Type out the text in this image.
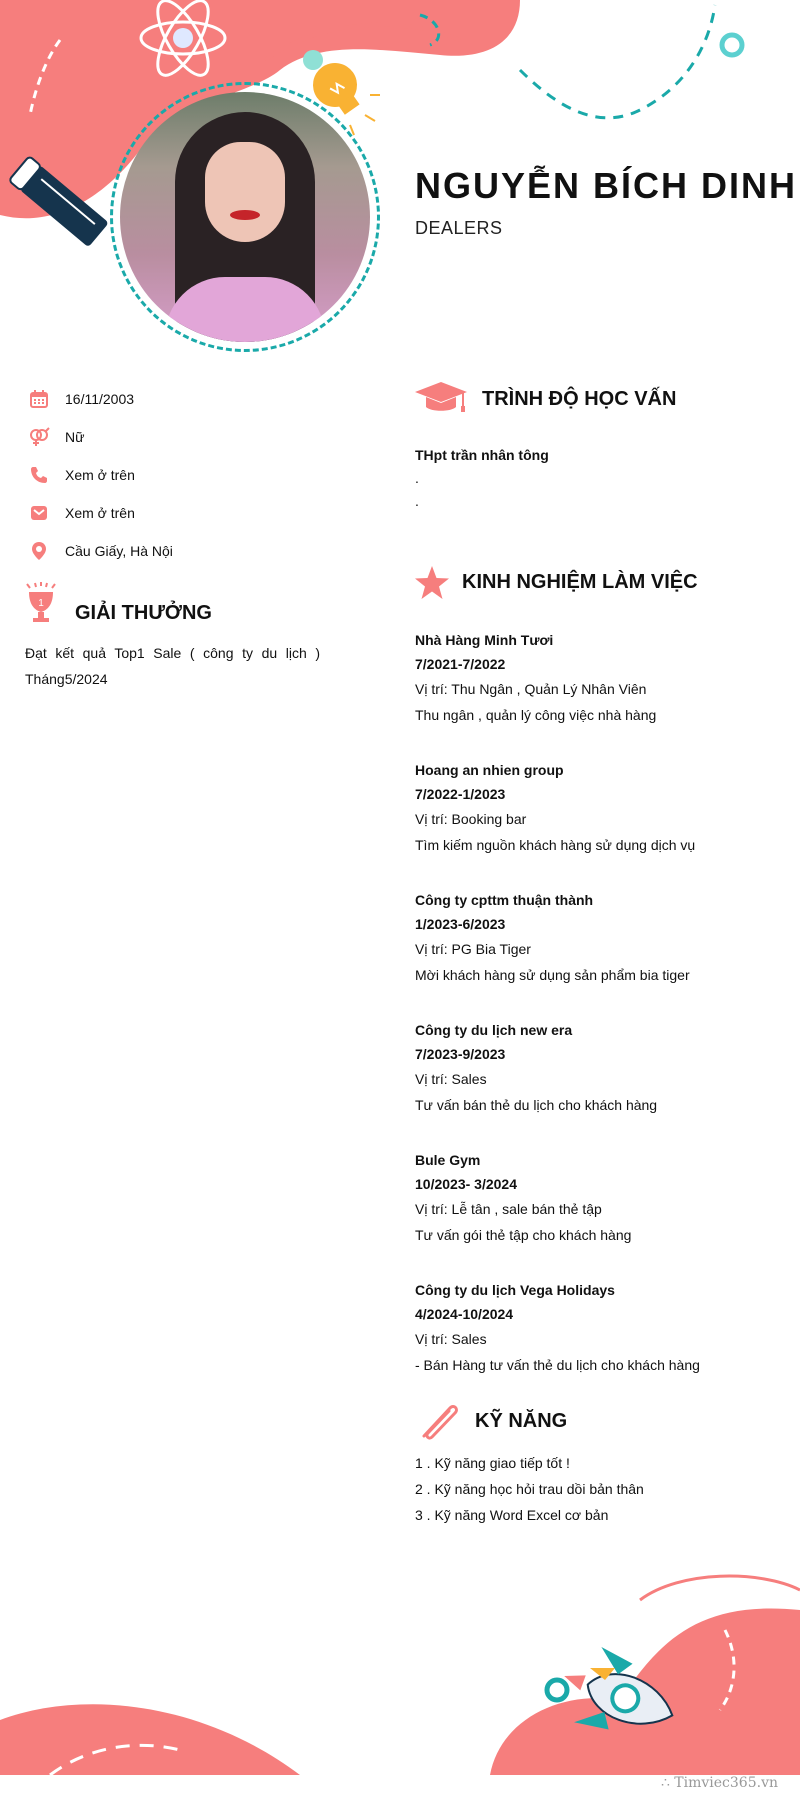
NGUYỄN BÍCH DINH
DEALERS
16/11/2003
Nữ
Xem ở trên
Xem ở trên
Cầu Giấy, Hà Nội
1 GIẢI THƯỞNG
Đạt kết quả Top1 Sale ( công ty du lịch ) Tháng5/2024
TRÌNH ĐỘ HỌC VẤN
THpt trần nhân tông
.
.
KINH NGHIỆM LÀM VIỆC
Nhà Hàng Minh Tươi
7/2021-7/2022
Vị trí: Thu Ngân , Quản Lý Nhân Viên
Thu ngân , quản lý công việc nhà hàng
Hoang an nhien group
7/2022-1/2023
Vị trí: Booking bar
Tìm kiếm nguồn khách hàng sử dụng dịch vụ
Công ty cpttm thuận thành
1/2023-6/2023
Vị trí: PG Bia Tiger
Mời khách hàng sử dụng sản phẩm bia tiger
Công ty du lịch new era
7/2023-9/2023
Vị trí: Sales
Tư vấn bán thẻ du lịch cho khách hàng
Bule Gym
10/2023- 3/2024
Vị trí: Lễ tân , sale bán thẻ tập
Tư vấn gói thẻ tập cho khách hàng
Công ty du lịch Vega Holidays
4/2024-10/2024
Vị trí: Sales
- Bán Hàng tư vấn thẻ du lịch cho khách hàng
KỸ NĂNG
1 . Kỹ năng giao tiếp tốt !
2 . Kỹ năng học hỏi trau dồi bản thân
3 . Kỹ năng Word Excel cơ bản
∴ Timviec365.vn
